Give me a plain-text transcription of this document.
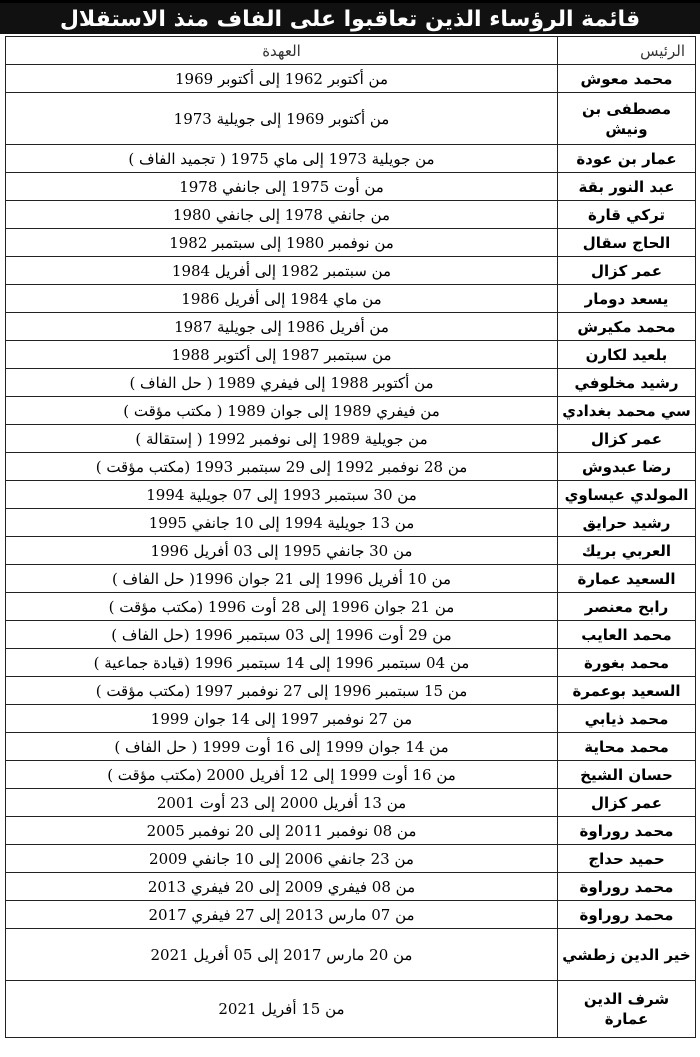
قائمة الرؤساء الذين تعاقبوا على الفاف منذ الاستقلال
الرئيس	العهدة
محمد معوش	من أكتوبر 1962 إلى أكتوبر 1969
مصطفى بن ونيش	من أكتوبر 1969 إلى جويلية 1973
عمار بن عودة	من جويلية 1973 إلى ماي 1975 ( تجميد الفاف )
عبد النور بقة	من أوت 1975 إلى جانفي 1978
تركي قارة	من جانفي 1978 إلى جانفي 1980
الحاج سقال	من نوفمبر 1980 إلى سبتمبر 1982
عمر كزال	من سبتمبر 1982 إلى أفريل 1984
يسعد دومار	من ماي 1984 إلى أفريل 1986
محمد مكيرش	من أفريل 1986 إلى جويلية 1987
بلعيد لكارن	من سبتمبر 1987 إلى أكتوبر 1988
رشيد مخلوفي	من أكتوبر 1988 إلى فيفري 1989 ( حل الفاف )
سي محمد بغدادي	من فيفري 1989 إلى جوان 1989 ( مكتب مؤقت )
عمر كزال	من جويلية 1989 إلى نوفمبر 1992 ( إستقالة )
رضا عبدوش	من 28 نوفمبر 1992 إلى 29 سبتمبر 1993 (مكتب مؤقت )
المولدي عيساوي	من 30 سبتمبر 1993 إلى 07 جويلية 1994
رشيد حرايق	من 13 جويلية 1994 إلى 10 جانفي 1995
العربي بريك	من 30 جانفي 1995 إلى 03 أفريل 1996
السعيد عمارة	من 10 أفريل 1996 إلى 21 جوان 1996( حل الفاف )
رابح معنصر	من 21 جوان 1996 إلى 28 أوت 1996 (مكتب مؤقت )
محمد العايب	من 29 أوت 1996 إلى 03 سبتمبر 1996 (حل الفاف )
محمد بغورة	من 04 سبتمبر 1996 إلى 14 سبتمبر 1996 (قيادة جماعية )
السعيد بوعمرة	من 15 سبتمبر 1996 إلى 27 نوفمبر 1997 (مكتب مؤقت )
محمد ذيابي	من 27 نوفمبر 1997 إلى 14 جوان 1999
محمد محاية	من 14 جوان 1999 إلى 16 أوت 1999 ( حل الفاف )
حسان الشيخ	من 16 أوت 1999 إلى 12 أفريل 2000 (مكتب مؤقت )
عمر كزال	من 13 أفريل 2000 إلى 23 أوت 2001
محمد روراوة	من 08 نوفمبر 2011 إلى 20 نوفمبر 2005
حميد حداج	من 23 جانفي 2006 إلى 10 جانفي 2009
محمد روراوة	من 08 فيفري 2009 إلى 20 فيفري 2013
محمد روراوة	من 07 مارس 2013 إلى 27 فيفري 2017
خير الدين زطشي	من 20 مارس 2017 إلى 05 أفريل 2021
شرف الدين عمارة	من 15 أفريل 2021
